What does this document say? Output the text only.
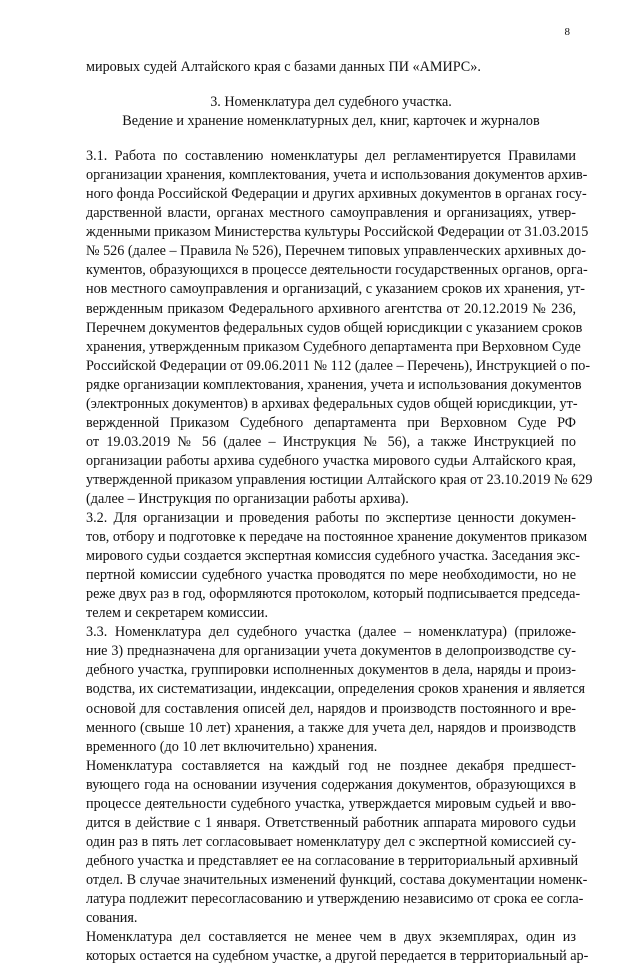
8
мировых судей Алтайского края с базами данных ПИ «АМИРС».
3. Номенклатура дел судебного участка.
Ведение и хранение номенклатурных дел, книг, карточек и журналов
3.1. Работа по составлению номенклатуры дел регламентируется Правилами
организации хранения, комплектования, учета и использования документов архив-
ного фонда Российской Федерации и других архивных документов в органах госу-
дарственной власти, органах местного самоуправления и организациях, утвер-
жденными приказом Министерства культуры Российской Федерации от 31.03.2015
№ 526 (далее – Правила № 526), Перечнем типовых управленческих архивных до-
кументов, образующихся в процессе деятельности государственных органов, орга-
нов местного самоуправления и организаций, с указанием сроков их хранения, ут-
вержденным приказом Федерального архивного агентства от 20.12.2019 № 236,
Перечнем документов федеральных судов общей юрисдикции с указанием сроков
хранения, утвержденным приказом Судебного департамента при Верховном Суде
Российской Федерации от 09.06.2011 № 112 (далее – Перечень), Инструкцией о по-
рядке организации комплектования, хранения, учета и использования документов
(электронных документов) в архивах федеральных судов общей юрисдикции, ут-
вержденной Приказом Судебного департамента при Верховном Суде РФ
от 19.03.2019 № 56 (далее – Инструкция № 56), а также Инструкцией по
организации работы архива судебного участка мирового судьи Алтайского края,
утвержденной приказом управления юстиции Алтайского края от 23.10.2019 № 629
(далее – Инструкция по организации работы архива).
3.2. Для организации и проведения работы по экспертизе ценности докумен-
тов, отбору и подготовке к передаче на постоянное хранение документов приказом
мирового судьи создается экспертная комиссия судебного участка. Заседания экс-
пертной комиссии судебного участка проводятся по мере необходимости, но не
реже двух раз в год, оформляются протоколом, который подписывается председа-
телем и секретарем комиссии.
3.3. Номенклатура дел судебного участка (далее – номенклатура) (приложе-
ние 3) предназначена для организации учета документов в делопроизводстве су-
дебного участка, группировки исполненных документов в дела, наряды и произ-
водства, их систематизации, индексации, определения сроков хранения и является
основой для составления описей дел, нарядов и производств постоянного и вре-
менного (свыше 10 лет) хранения, а также для учета дел, нарядов и производств
временного (до 10 лет включительно) хранения.
Номенклатура составляется на каждый год не позднее декабря предшест-
вующего года на основании изучения содержания документов, образующихся в
процессе деятельности судебного участка, утверждается мировым судьей и вво-
дится в действие с 1 января. Ответственный работник аппарата мирового судьи
один раз в пять лет согласовывает номенклатуру дел с экспертной комиссией су-
дебного участка и представляет ее на согласование в территориальный архивный
отдел. В случае значительных изменений функций, состава документации номенк-
латура подлежит пересогласованию и утверждению независимо от срока ее согла-
сования.
Номенклатура дел составляется не менее чем в двух экземплярах, один из
которых остается на судебном участке, а другой передается в территориальный ар-
